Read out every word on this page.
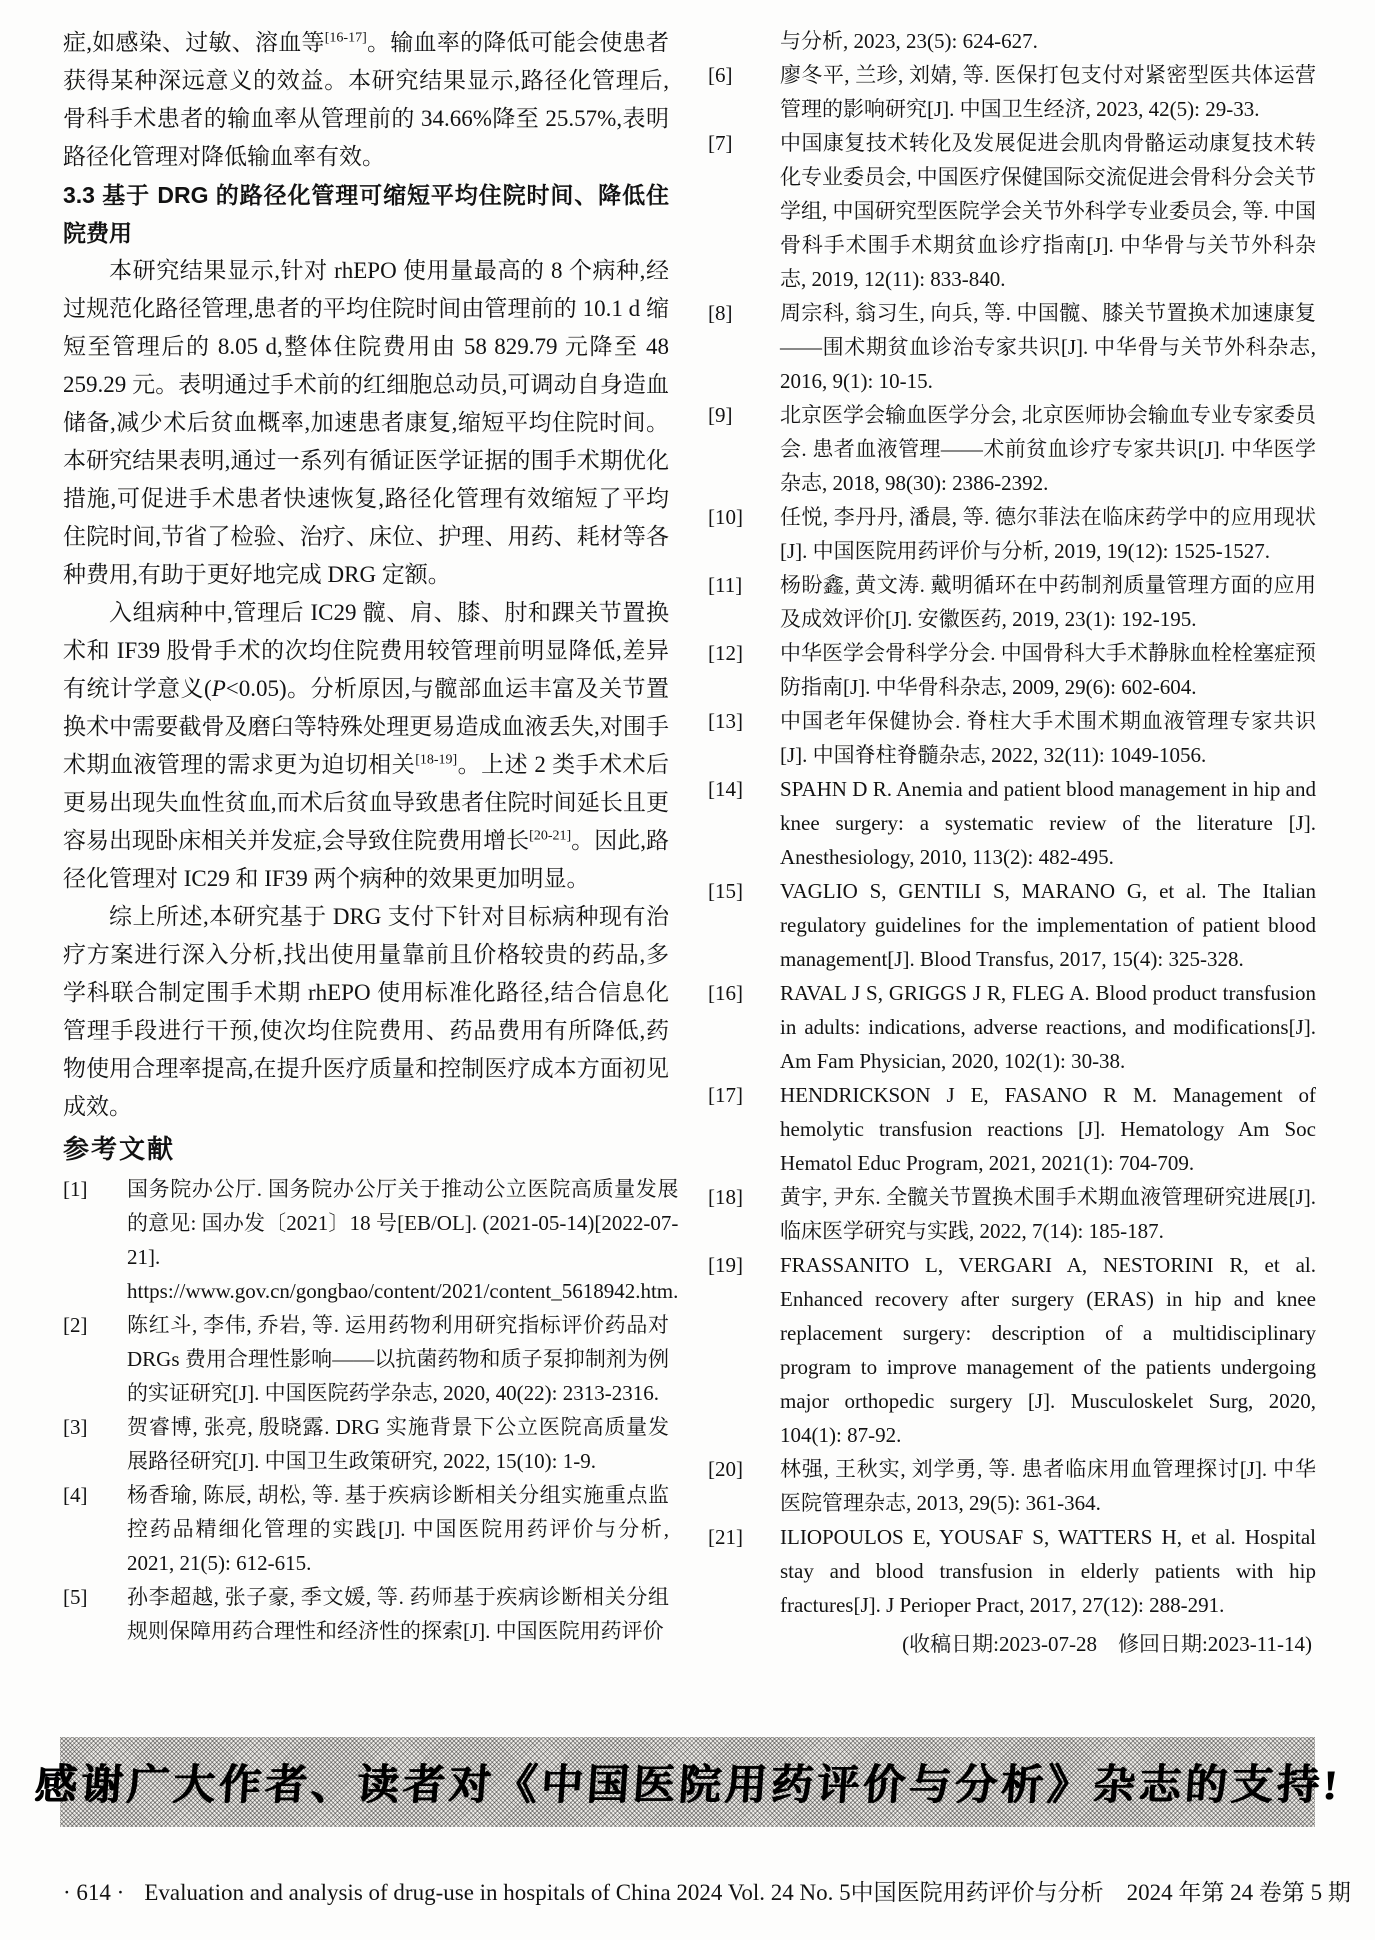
症,如感染、过敏、溶血等[16-17]。输血率的降低可能会使患者获得某种深远意义的效益。本研究结果显示,路径化管理后,骨科手术患者的输血率从管理前的 34.66%降至 25.57%,表明路径化管理对降低输血率有效。

3.3 基于 DRG 的路径化管理可缩短平均住院时间、降低住院费用

本研究结果显示,针对 rhEPO 使用量最高的 8 个病种,经过规范化路径管理,患者的平均住院时间由管理前的 10.1 d 缩短至管理后的 8.05 d,整体住院费用由 58 829.79 元降至 48 259.29 元。表明通过手术前的红细胞总动员,可调动自身造血储备,减少术后贫血概率,加速患者康复,缩短平均住院时间。本研究结果表明,通过一系列有循证医学证据的围手术期优化措施,可促进手术患者快速恢复,路径化管理有效缩短了平均住院时间,节省了检验、治疗、床位、护理、用药、耗材等各种费用,有助于更好地完成 DRG 定额。

入组病种中,管理后 IC29 髋、肩、膝、肘和踝关节置换术和 IF39 股骨手术的次均住院费用较管理前明显降低,差异有统计学意义(P<0.05)。分析原因,与髋部血运丰富及关节置换术中需要截骨及磨臼等特殊处理更易造成血液丢失,对围手术期血液管理的需求更为迫切相关[18-19]。上述 2 类手术术后更易出现失血性贫血,而术后贫血导致患者住院时间延长且更容易出现卧床相关并发症,会导致住院费用增长[20-21]。因此,路径化管理对 IC29 和 IF39 两个病种的效果更加明显。

综上所述,本研究基于 DRG 支付下针对目标病种现有治疗方案进行深入分析,找出使用量靠前且价格较贵的药品,多学科联合制定围手术期 rhEPO 使用标准化路径,结合信息化管理手段进行干预,使次均住院费用、药品费用有所降低,药物使用合理率提高,在提升医疗质量和控制医疗成本方面初见成效。

参考文献
[1]	国务院办公厅. 国务院办公厅关于推动公立医院高质量发展的意见: 国办发〔2021〕18 号[EB/OL]. (2021-05-14)[2022-07-21]. https://www.gov.cn/gongbao/content/2021/content_5618942.htm.
[2]	陈红斗, 李伟, 乔岩, 等. 运用药物利用研究指标评价药品对 DRGs 费用合理性影响——以抗菌药物和质子泵抑制剂为例的实证研究[J]. 中国医院药学杂志, 2020, 40(22): 2313-2316.
[3]	贺睿博, 张亮, 殷晓露. DRG 实施背景下公立医院高质量发展路径研究[J]. 中国卫生政策研究, 2022, 15(10): 1-9.
[4]	杨香瑜, 陈辰, 胡松, 等. 基于疾病诊断相关分组实施重点监控药品精细化管理的实践[J]. 中国医院用药评价与分析, 2021, 21(5): 612-615.
[5]	孙李超越, 张子豪, 季文媛, 等. 药师基于疾病诊断相关分组规则保障用药合理性和经济性的探索[J]. 中国医院用药评价
与分析, 2023, 23(5): 624-627.
[6]	廖冬平, 兰珍, 刘婧, 等. 医保打包支付对紧密型医共体运营管理的影响研究[J]. 中国卫生经济, 2023, 42(5): 29-33.
[7]	中国康复技术转化及发展促进会肌肉骨骼运动康复技术转化专业委员会, 中国医疗保健国际交流促进会骨科分会关节学组, 中国研究型医院学会关节外科学专业委员会, 等. 中国骨科手术围手术期贫血诊疗指南[J]. 中华骨与关节外科杂志, 2019, 12(11): 833-840.
[8]	周宗科, 翁习生, 向兵, 等. 中国髋、膝关节置换术加速康复——围术期贫血诊治专家共识[J]. 中华骨与关节外科杂志, 2016, 9(1): 10-15.
[9]	北京医学会输血医学分会, 北京医师协会输血专业专家委员会. 患者血液管理——术前贫血诊疗专家共识[J]. 中华医学杂志, 2018, 98(30): 2386-2392.
[10]	任悦, 李丹丹, 潘晨, 等. 德尔菲法在临床药学中的应用现状[J]. 中国医院用药评价与分析, 2019, 19(12): 1525-1527.
[11]	杨盼鑫, 黄文涛. 戴明循环在中药制剂质量管理方面的应用及成效评价[J]. 安徽医药, 2019, 23(1): 192-195.
[12]	中华医学会骨科学分会. 中国骨科大手术静脉血栓栓塞症预防指南[J]. 中华骨科杂志, 2009, 29(6): 602-604.
[13]	中国老年保健协会. 脊柱大手术围术期血液管理专家共识[J]. 中国脊柱脊髓杂志, 2022, 32(11): 1049-1056.
[14]	SPAHN D R. Anemia and patient blood management in hip and knee surgery: a systematic review of the literature [J]. Anesthesiology, 2010, 113(2): 482-495.
[15]	VAGLIO S, GENTILI S, MARANO G, et al. The Italian regulatory guidelines for the implementation of patient blood management[J]. Blood Transfus, 2017, 15(4): 325-328.
[16]	RAVAL J S, GRIGGS J R, FLEG A. Blood product transfusion in adults: indications, adverse reactions, and modifications[J]. Am Fam Physician, 2020, 102(1): 30-38.
[17]	HENDRICKSON J E, FASANO R M. Management of hemolytic transfusion reactions [J]. Hematology Am Soc Hematol Educ Program, 2021, 2021(1): 704-709.
[18]	黄宇, 尹东. 全髋关节置换术围手术期血液管理研究进展[J]. 临床医学研究与实践, 2022, 7(14): 185-187.
[19]	FRASSANITO L, VERGARI A, NESTORINI R, et al. Enhanced recovery after surgery (ERAS) in hip and knee replacement surgery: description of a multidisciplinary program to improve management of the patients undergoing major orthopedic surgery [J]. Musculoskelet Surg, 2020, 104(1): 87-92.
[20]	林强, 王秋实, 刘学勇, 等. 患者临床用血管理探讨[J]. 中华医院管理杂志, 2013, 29(5): 361-364.
[21]	ILIOPOULOS E, YOUSAF S, WATTERS H, et al. Hospital stay and blood transfusion in elderly patients with hip fractures[J]. J Perioper Pract, 2017, 27(12): 288-291.
(收稿日期:2023-07-28　修回日期:2023-11-14)
感谢广大作者、读者对《中国医院用药评价与分析》杂志的支持!
· 614 · Evaluation and analysis of drug-use in hospitals of China 2024 Vol. 24 No. 5 中国医院用药评价与分析　2024 年第 24 卷第 5 期
